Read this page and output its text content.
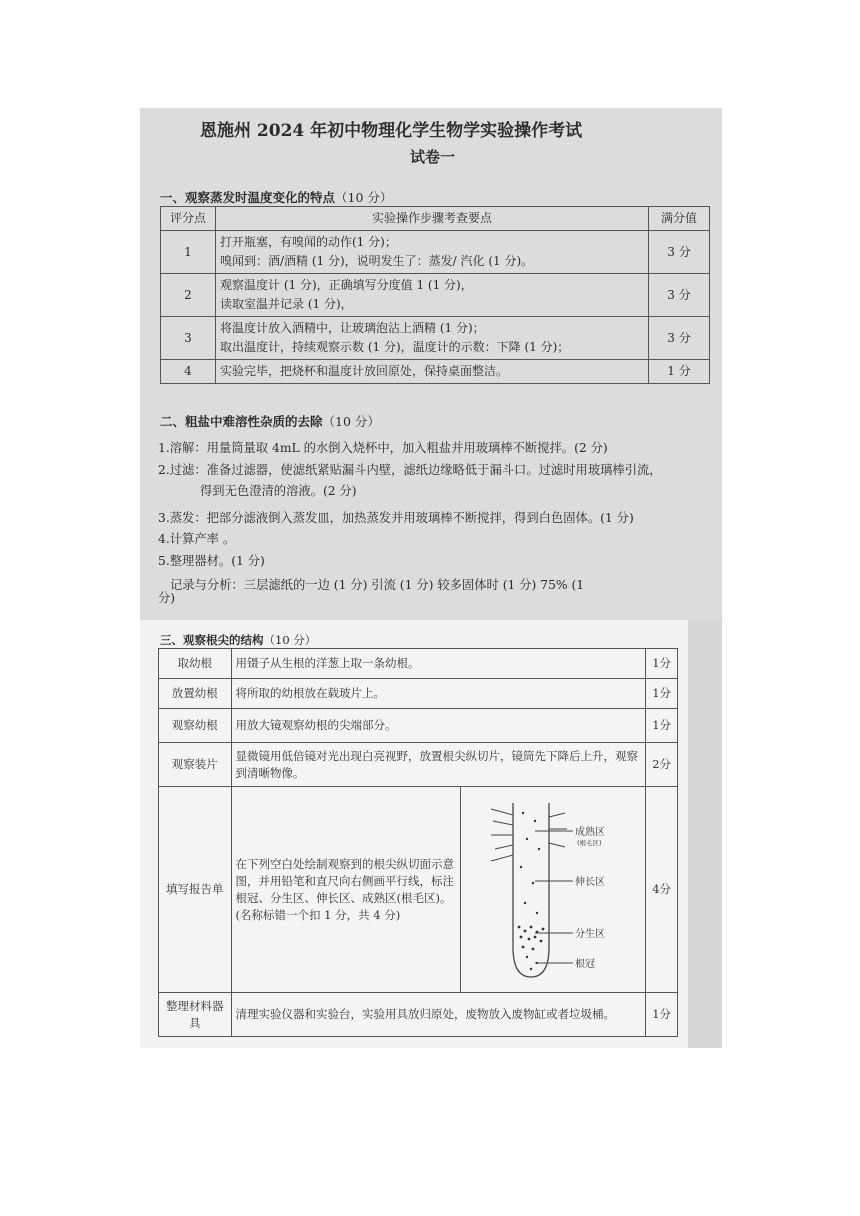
恩施州 2024 年初中物理化学生物学实验操作考试
试卷一
一、观察蒸发时温度变化的特点（10 分）
评分点	实验操作步骤考查要点	满分值
1	打开瓶塞，有嗅闻的动作(1 分)；
嗅闻到：酒/酒精 (1 分)，说明发生了：蒸发/ 汽化 (1 分)。	3 分
2	观察温度计 (1 分)，正确填写分度值 1 (1 分)，
读取室温并记录 (1 分)，	3 分
3	将温度计放入酒精中，让玻璃泡沾上酒精 (1 分)；
取出温度计，持续观察示数 (1 分)，温度计的示数：下降 (1 分)；	3 分
4	实验完毕，把烧杯和温度计放回原处，保持桌面整洁。	1 分
二、粗盐中难溶性杂质的去除（10 分）
1.溶解：用量筒量取 4mL 的水倒入烧杯中，加入粗盐并用玻璃棒不断搅拌。(2 分)
2.过滤：准备过滤器，使滤纸紧贴漏斗内壁，滤纸边缘略低于漏斗口。过滤时用玻璃棒引流，
得到无色澄清的溶液。(2 分)
3.蒸发：把部分滤液倒入蒸发皿，加热蒸发并用玻璃棒不断搅拌，得到白色固体。(1 分)
4.计算产率 。
5.整理器材。(1 分)
记录与分析：三层滤纸的一边 (1 分) 引流 (1 分) 较多固体时 (1 分) 75% (1
分)
三、观察根尖的结构（10 分）
取幼根	用镊子从生根的洋葱上取一条幼根。		1分
放置幼根	将所取的幼根放在载玻片上。		1分
观察幼根	用放大镜观察幼根的尖端部分。		1分
观察装片	显微镜用低倍镜对光出现白亮视野，放置根尖纵切片，镜筒先下降后上升，观察到清晰物像。		2分
填写报告单	在下列空白处绘制观察到的根尖纵切面示意图，并用铅笔和直尺向右侧画平行线，标注根冠、分生区、伸长区、成熟区(根毛区)。(名称标错一个扣 1 分，共 4 分)	成熟区
(根毛区)
伸长区
分生区
根冠	4分
整理材料器具	清理实验仪器和实验台，实验用具放归原处，废物放入废物缸或者垃圾桶。		1分
